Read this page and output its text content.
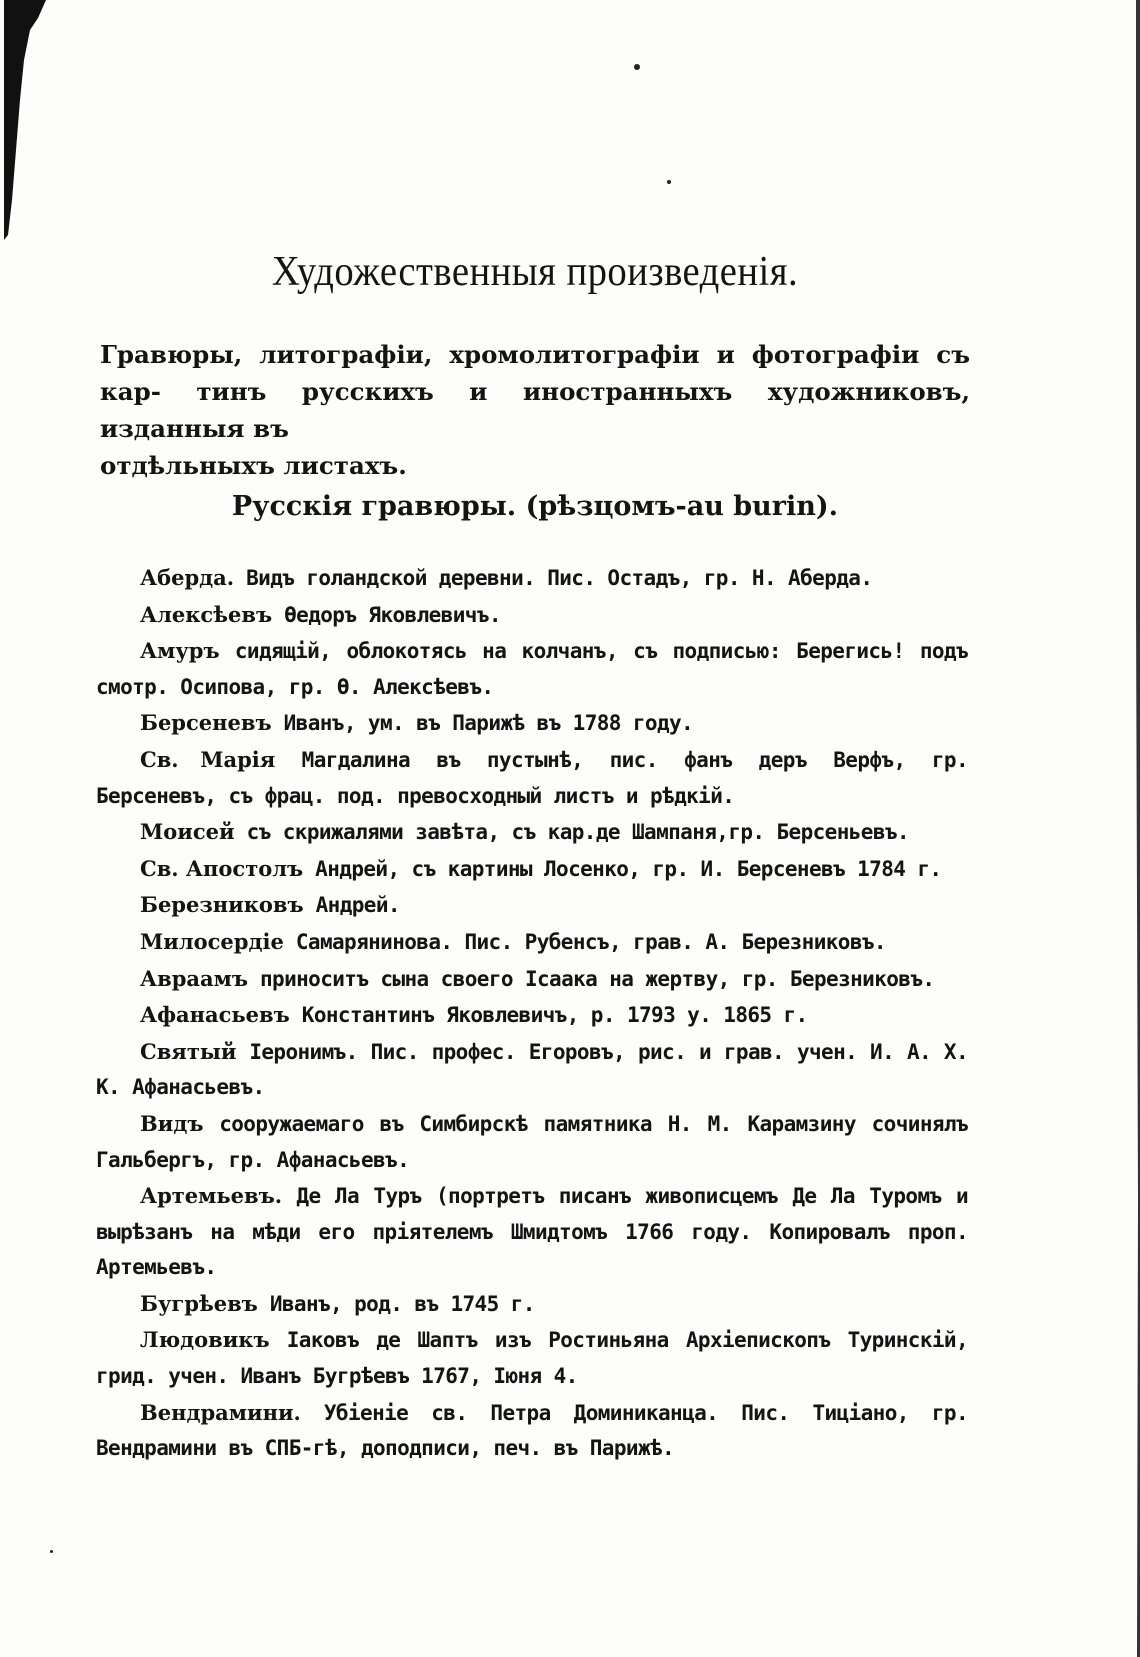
Художественныя произведенія.
Гравюры, литографіи, хромолитографіи и фотографіи съ кар- тинъ русскихъ и иностранныхъ художниковъ, изданныя въ
отдѣльныхъ листахъ.
Русскія гравюры. (рѣзцомъ-au burin).

Аберда. Видъ голандской деревни. Пис. Остадъ, гр. Н. Аберда.

Алексѣевъ Ѳедоръ Яковлевичъ.

Амуръ сидящій, облокотясь на колчанъ, съ подписью: Берегись! подъ смотр. Осипова, гр. Ѳ. Алексѣевъ.

Берсеневъ Иванъ, ум. въ Парижѣ въ 1788 году.

Св. Марія Магдалина въ пустынѣ, пис. фанъ деръ Верфъ, гр. Берсеневъ, съ фрац. под. превосходный листъ и рѣдкій.

Моисей съ скрижалями завѣта, съ кар.де Шампаня,гр. Берсеньевъ.

Св. Апостолъ Андрей, съ картины Лосенко, гр. И. Берсеневъ 1784 г.

Березниковъ Андрей.

Милосердіе Самарянинова. Пис. Рубенсъ, грав. А. Березниковъ.

Авраамъ приноситъ сына своего Ісаака на жертву, гр. Березниковъ.

Афанасьевъ Константинъ Яковлевичъ, р. 1793 у. 1865 г.

Святый Іеронимъ. Пис. профес. Егоровъ, рис. и грав. учен. И. А. Х. К. Афанасьевъ.

Видъ сооружаемаго въ Симбирскѣ памятника Н. М. Карамзину сочинялъ Гальбергъ, гр. Афанасьевъ.

Артемьевъ. Де Ла Туръ (портретъ писанъ живописцемъ Де Ла Туромъ и вырѣзанъ на мѣди его пріятелемъ Шмидтомъ 1766 году. Копировалъ проп. Артемьевъ.

Бугрѣевъ Иванъ, род. въ 1745 г.

Людовикъ Іаковъ де Шаптъ изъ Ростиньяна Архіепископъ Туринскій, грид. учен. Иванъ Бугрѣевъ 1767, Іюня 4.

Вендрамини. Убіеніе св. Петра Доминиканца. Пис. Тиціано, гр. Вендрамини въ СПБ-гѣ, доподписи, печ. въ Парижѣ.
